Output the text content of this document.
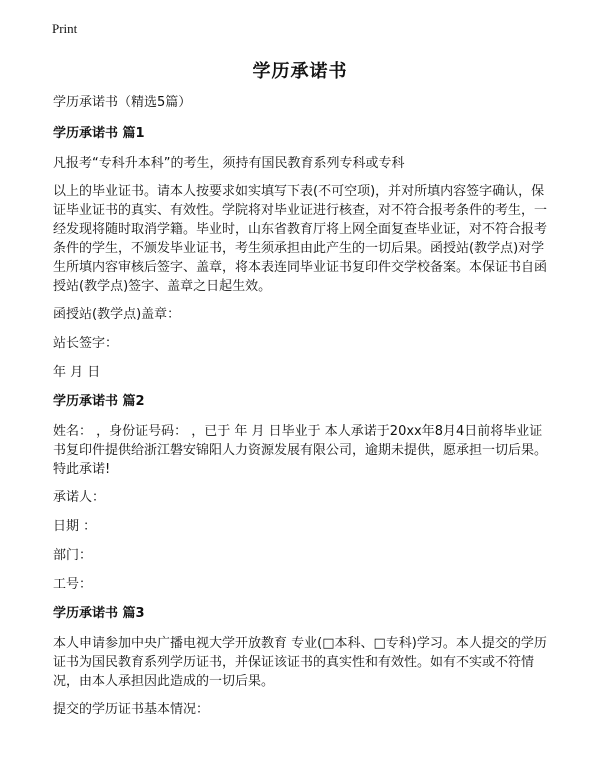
Print
学历承诺书

学历承诺书（精选5篇）

学历承诺书 篇1

凡报考“专科升本科”的考生，须持有国民教育系列专科或专科

以上的毕业证书。请本人按要求如实填写下表(不可空项)，并对所填内容签字确认，保证毕业证书的真实、有效性。学院将对毕业证进行核查，对不符合报考条件的考生，一经发现将随时取消学籍。毕业时，山东省教育厅将上网全面复查毕业证，对不符合报考条件的学生，不颁发毕业证书，考生须承担由此产生的一切后果。函授站(教学点)对学生所填内容审核后签字、盖章，将本表连同毕业证书复印件交学校备案。本保证书自函授站(教学点)签字、盖章之日起生效。

函授站(教学点)盖章：

站长签字：

年 月 日

学历承诺书 篇2

姓名： ，身份证号码： ，已于 年 月 日毕业于 本人承诺于20xx年8月4日前将毕业证书复印件提供给浙江磐安锦阳人力资源发展有限公司，逾期未提供，愿承担一切后果。 特此承诺!

承诺人：

日期 ：

部门：

工号：

学历承诺书 篇3

本人申请参加中央广播电视大学开放教育 专业(□本科、□专科)学习。本人提交的学历证书为国民教育系列学历证书，并保证该证书的真实性和有效性。如有不实或不符情况，由本人承担因此造成的一切后果。

提交的学历证书基本情况：
